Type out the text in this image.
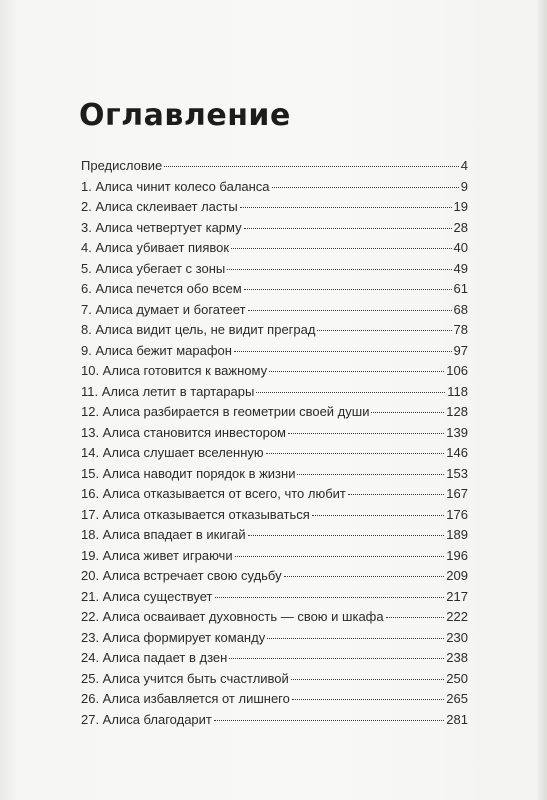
Оглавление
Предисловие	4
1. Алиса чинит колесо баланса	9
2. Алиса склеивает ласты	19
3. Алиса четвертует карму	28
4. Алиса убивает пиявок	40
5. Алиса убегает с зоны	49
6. Алиса печется обо всем	61
7. Алиса думает и богатеет	68
8. Алиса видит цель, не видит преград	78
9. Алиса бежит марафон	97
10. Алиса готовится к важному	106
11. Алиса летит в тартарары	118
12. Алиса разбирается в геометрии своей души	128
13. Алиса становится инвестором	139
14. Алиса слушает вселенную	146
15. Алиса наводит порядок в жизни	153
16. Алиса отказывается от всего, что любит	167
17. Алиса отказывается отказываться	176
18. Алиса впадает в икигай	189
19. Алиса живет играючи	196
20. Алиса встречает свою судьбу	209
21. Алиса существует	217
22. Алиса осваивает духовность — свою и шкафа	222
23. Алиса формирует команду	230
24. Алиса падает в дзен	238
25. Алиса учится быть счастливой	250
26. Алиса избавляется от лишнего	265
27. Алиса благодарит	281
